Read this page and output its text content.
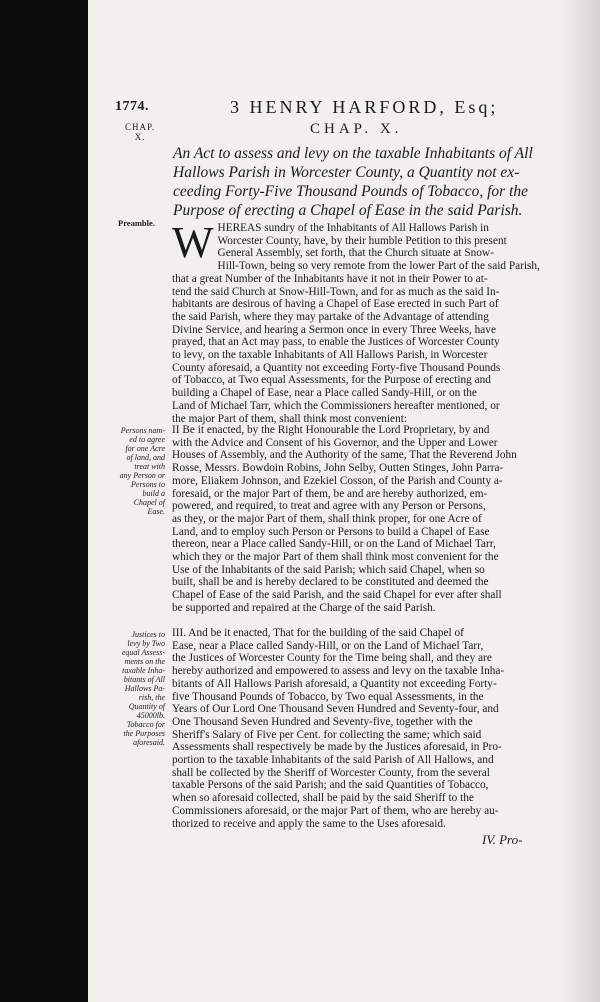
1774.	3 HENRY HARFORD, Esq;
CHAP.
X.	CHAP. X.

An Act to assess and levy on the taxable Inhabitants of All

Hallows Parish in Worcester County, a Quantity not ex-

ceeding Forty-Five Thousand Pounds of Tobacco, for the

Purpose of erecting a Chapel of Ease in the said Parish.

Preamble. W HEREAS sundry of the Inhabitants of All Hallows Parish in

Worcester County, have, by their humble Petition to this present

General Assembly, set forth, that the Church situate at Snow-

Hill-Town, being so very remote from the lower Part of the said Parish,

that a great Number of the Inhabitants have it not in their Power to at-

tend the said Church at Snow-Hill-Town, and for as much as the said In-

habitants are desirous of having a Chapel of Ease erected in such Part of

the said Parish, where they may partake of the Advantage of attending

Divine Service, and hearing a Sermon once in every Three Weeks, have

prayed, that an Act may pass, to enable the Justices of Worcester County

to levy, on the taxable Inhabitants of All Hallows Parish, in Worcester

County aforesaid, a Quantity not exceeding Forty-five Thousand Pounds

of Tobacco, at Two equal Assessments, for the Purpose of erecting and

building a Chapel of Ease, near a Place called Sandy-Hill, or on the

Land of Michael Tarr, which the Commissioners hereafter mentioned, or

the major Part of them, shall think most convenient:

Persons nam-
ed to agree
for one Acre
of land, and
treat with
any Person or
Persons to
build a
Chapel of
Ease.

II Be it enacted, by the Right Honourable the Lord Proprietary, by and

with the Advice and Consent of his Governor, and the Upper and Lower

Houses of Assembly, and the Authority of the same, That the Reverend John

Rosse, Messrs. Bowdoin Robins, John Selby, Outten Stinges, John Parra-

more, Eliakem Johnson, and Ezekiel Cosson, of the Parish and County a-

foresaid, or the major Part of them, be and are hereby authorized, em-

powered, and required, to treat and agree with any Person or Persons,

as they, or the major Part of them, shall think proper, for one Acre of

Land, and to employ such Person or Persons to build a Chapel of Ease

thereon, near a Place called Sandy-Hill, or on the Land of Michael Tarr,

which they or the major Part of them shall think most convenient for the

Use of the Inhabitants of the said Parish; which said Chapel, when so

built, shall be and is hereby declared to be constituted and deemed the

Chapel of Ease of the said Parish, and the said Chapel for ever after shall

be supported and repaired at the Charge of the said Parish.

Justices to
levy by Two
equal Assess-
ments on the
taxable Inha-
bitants of All
Hallows Pa-
rish, the
Quantity of
45000lb.
Tobacco for
the Purposes
aforesaid.

III. And be it enacted, That for the building of the said Chapel of

Ease, near a Place called Sandy-Hill, or on the Land of Michael Tarr,

the Justices of Worcester County for the Time being shall, and they are

hereby authorized and empowered to assess and levy on the taxable Inha-

bitants of All Hallows Parish aforesaid, a Quantity not exceeding Forty-

five Thousand Pounds of Tobacco, by Two equal Assessments, in the

Years of Our Lord One Thousand Seven Hundred and Seventy-four, and

One Thousand Seven Hundred and Seventy-five, together with the

Sheriff's Salary of Five per Cent. for collecting the same; which said

Assessments shall respectively be made by the Justices aforesaid, in Pro-

portion to the taxable Inhabitants of the said Parish of All Hallows, and

shall be collected by the Sheriff of Worcester County, from the several

taxable Persons of the said Parish; and the said Quantities of Tobacco,

when so aforesaid collected, shall be paid by the said Sheriff to the

Commissioners aforesaid, or the major Part of them, who are hereby au-

thorized to receive and apply the same to the Uses aforesaid.

IV. Pro-
